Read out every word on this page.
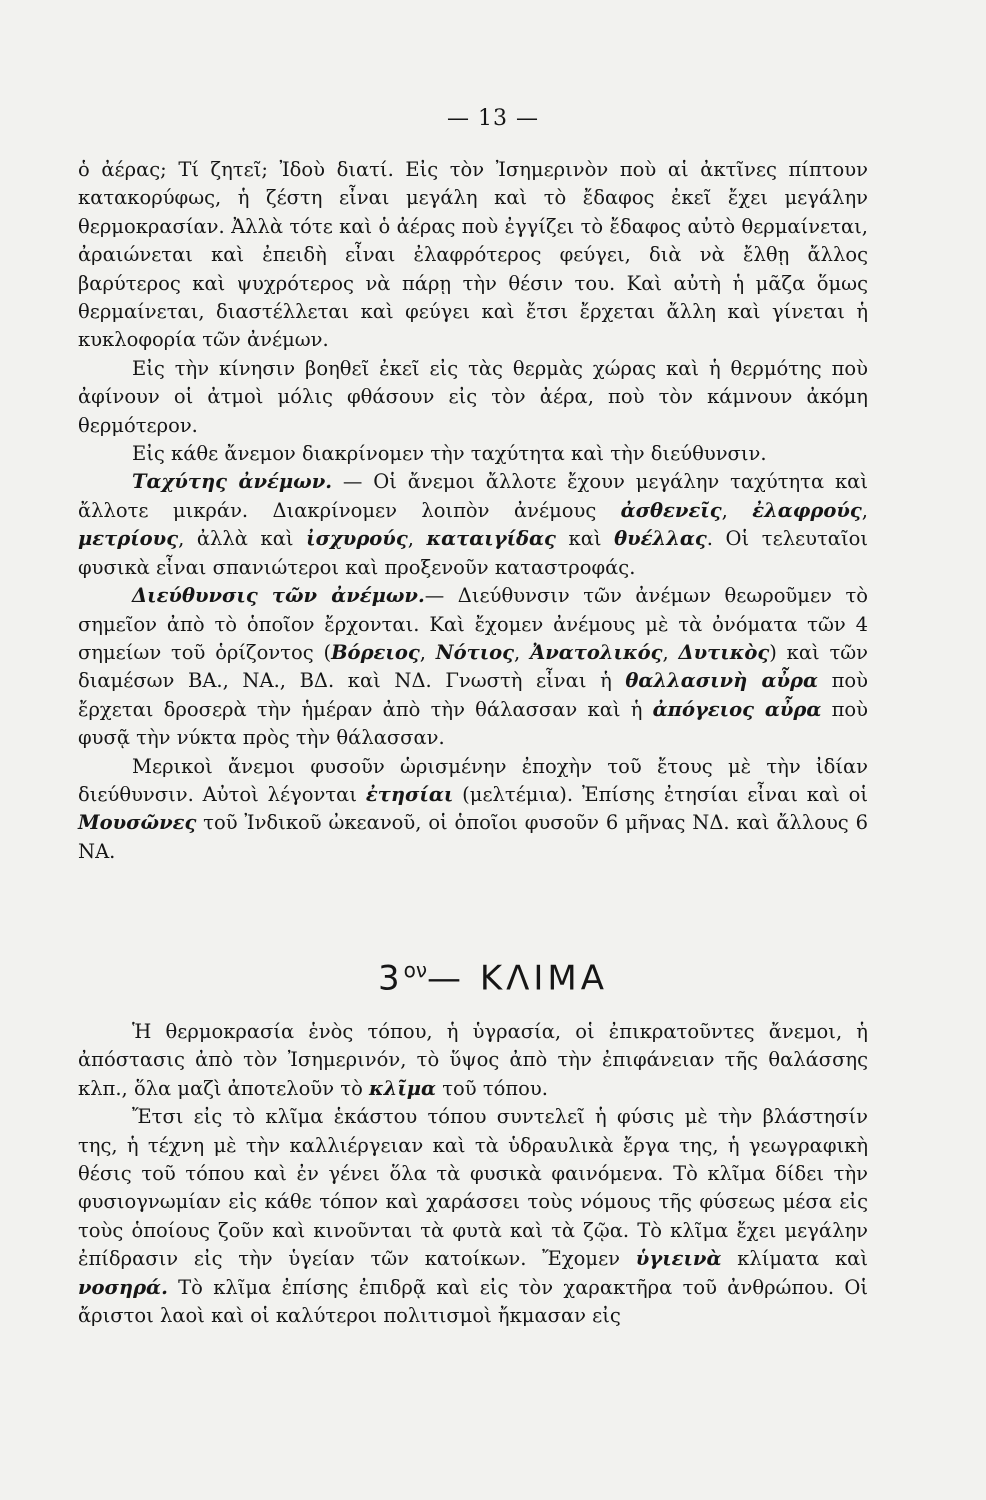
— 13 —

ὁ ἀέρας; Τί ζητεῖ; Ἰδοὺ διατί. Εἰς τὸν Ἰσημερινὸν ποὺ αἱ ἀκτῖνες πίπτουν κατακορύφως, ἡ ζέστη εἶναι μεγάλη καὶ τὸ ἔδαφος ἐκεῖ ἔχει μεγάλην θερμοκρασίαν. Ἀλλὰ τότε καὶ ὁ ἀέρας ποὺ ἐγγίζει τὸ ἔδαφος αὐτὸ θερμαίνεται, ἀραιώνεται καὶ ἐπειδὴ εἶναι ἐλαφρότερος φεύγει, διὰ νὰ ἔλθῃ ἄλλος βαρύτερος καὶ ψυχρότερος νὰ πάρῃ τὴν θέσιν του. Καὶ αὐτὴ ἡ μᾶζα ὅμως θερμαίνεται, διαστέλλεται καὶ φεύγει καὶ ἔτσι ἔρχεται ἄλλη καὶ γίνεται ἡ κυκλοφορία τῶν ἀνέμων.

Εἰς τὴν κίνησιν βοηθεῖ ἐκεῖ εἰς τὰς θερμὰς χώρας καὶ ἡ θερμότης ποὺ ἀφίνουν οἱ ἀτμοὶ μόλις φθάσουν εἰς τὸν ἀέρα, ποὺ τὸν κάμνουν ἀκόμη θερμότερον.

Εἰς κάθε ἄνεμον διακρίνομεν τὴν ταχύτητα καὶ τὴν διεύθυνσιν.

Ταχύτης ἀνέμων. — Οἱ ἄνεμοι ἄλλοτε ἔχουν μεγάλην ταχύτητα καὶ ἄλλοτε μικράν. Διακρίνομεν λοιπὸν ἀνέμους ἀσθενεῖς, ἐλαφρούς, μετρίους, ἀλλὰ καὶ ἰσχυρούς, καταιγίδας καὶ θυέλλας. Οἱ τελευταῖοι φυσικὰ εἶναι σπανιώτεροι καὶ προξενοῦν καταστροφάς.

Διεύθυνσις τῶν ἀνέμων.— Διεύθυνσιν τῶν ἀνέμων θεωροῦμεν τὸ σημεῖον ἀπὸ τὸ ὁποῖον ἔρχονται. Καὶ ἔχομεν ἀνέμους μὲ τὰ ὀνόματα τῶν 4 σημείων τοῦ ὁρίζοντος (Βόρειος, Νότιος, Ἀνατολικός, Δυτικὸς) καὶ τῶν διαμέσων ΒΑ., ΝΑ., ΒΔ. καὶ ΝΔ. Γνωστὴ εἶναι ἡ θαλλασινὴ αὖρα ποὺ ἔρχεται δροσερὰ τὴν ἡμέραν ἀπὸ τὴν θάλασσαν καὶ ἡ ἀπόγειος αὖρα ποὺ φυσᾷ τὴν νύκτα πρὸς τὴν θάλασσαν.

Μερικοὶ ἄνεμοι φυσοῦν ὡρισμένην ἐποχὴν τοῦ ἔτους μὲ τὴν ἰδίαν διεύθυνσιν. Αὐτοὶ λέγονται ἐτησίαι (μελτέμια). Ἐπίσης ἐτησίαι εἶναι καὶ οἱ Μουσῶνες τοῦ Ἰνδικοῦ ὠκεανοῦ, οἱ ὁποῖοι φυσοῦν 6 μῆνας ΝΔ. καὶ ἄλλους 6 ΝΑ.

$3^{o\nu}—$ ΚΛΙΜΑ

Ἡ θερμοκρασία ἑνὸς τόπου, ἡ ὑγρασία, οἱ ἐπικρατοῦντες ἄνεμοι, ἡ ἀπόστασις ἀπὸ τὸν Ἰσημερινόν, τὸ ὕψος ἀπὸ τὴν ἐπιφάνειαν τῆς θαλάσσης κλπ., ὅλα μαζὶ ἀποτελοῦν τὸ κλῖμα τοῦ τόπου.

Ἔτσι εἰς τὸ κλῖμα ἑκάστου τόπου συντελεῖ ἡ φύσις μὲ τὴν βλάστησίν της, ἡ τέχνη μὲ τὴν καλλιέργειαν καὶ τὰ ὑδραυλικὰ ἔργα της, ἡ γεωγραφικὴ θέσις τοῦ τόπου καὶ ἐν γένει ὅλα τὰ φυσικὰ φαινόμενα. Τὸ κλῖμα δίδει τὴν φυσιογνωμίαν εἰς κάθε τόπον καὶ χαράσσει τοὺς νόμους τῆς φύσεως μέσα εἰς τοὺς ὁποίους ζοῦν καὶ κινοῦνται τὰ φυτὰ καὶ τὰ ζῷα. Τὸ κλῖμα ἔχει μεγάλην ἐπίδρασιν εἰς τὴν ὑγείαν τῶν κατοίκων. Ἔχομεν ὑγιεινὰ κλίματα καὶ νοσηρά. Τὸ κλῖμα ἐπίσης ἐπιδρᾷ καὶ εἰς τὸν χαρακτῆρα τοῦ ἀνθρώπου. Οἱ ἄριστοι λαοὶ καὶ οἱ καλύτεροι πολιτισμοὶ ἤκμασαν εἰς
